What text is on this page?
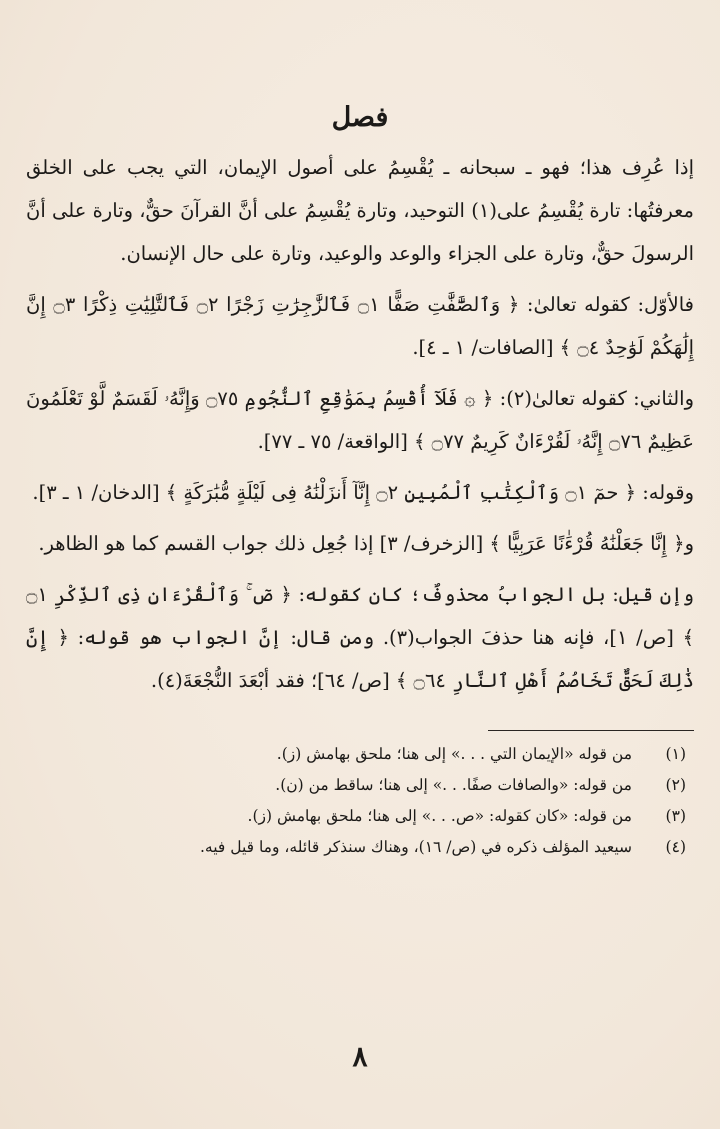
فصل

إذا عُرِف هذا؛ فهو ـ سبحانه ـ يُقْسِمُ على أصول الإيمان، التي يجب على الخلق معرفتُها: تارة يُقْسِمُ على(١) التوحيد، وتارة يُقْسِمُ على أنَّ القرآنَ حقٌّ، وتارة على أنَّ الرسولَ حقٌّ، وتارة على الجزاء والوعد والوعيد، وتارة على حال الإنسان.

فالأوّل: كقوله تعالىٰ: ﴿ وَٱلصَّٰٓفَّٰتِ صَفًّا ۝١ فَٱلزَّٰجِرَٰتِ زَجْرًا ۝٢ فَٱلتَّٰلِيَٰتِ ذِكْرًا ۝٣ إِنَّ إِلَٰهَكُمْ لَوَٰحِدٌ ۝٤ ﴾ [الصافات/ ١ ـ ٤].

والثاني: كقوله تعالىٰ(٢): ﴿ ۞ فَلَآ أُقْسِمُ بِمَوَٰقِعِ ٱلنُّجُومِ ۝٧٥ وَإِنَّهُۥ لَقَسَمٌ لَّوْ تَعْلَمُونَ عَظِيمٌ ۝٧٦ إِنَّهُۥ لَقُرْءَانٌ كَرِيمٌ ۝٧٧ ﴾ [الواقعة/ ٧٥ ـ ٧٧].

وقوله: ﴿ حمٓ ۝١ وَٱلْكِتَٰبِ ٱلْمُبِينِ ۝٢ إِنَّآ أَنزَلْنَٰهُ فِى لَيْلَةٍ مُّبَٰرَكَةٍ ﴾ [الدخان/ ١ ـ ٣].

و﴿ إِنَّا جَعَلْنَٰهُ قُرْءَٰنًا عَرَبِيًّا ﴾ [الزخرف/ ٣] إذا جُعِل ذلك جواب القسم كما هو الظاهر.

وإن قيل: بل الجوابُ محذوفٌ؛ كان كقوله: ﴿ صٓ ۚ وَٱلْقُرْءَانِ ذِى ٱلذِّكْرِ ۝١ ﴾ [ص/ ١]، فإنه هنا حذفَ الجواب(٣). ومن قال: إنَّ الجواب هو قوله: ﴿ إِنَّ ذَٰلِكَ لَحَقٌّ تَخَاصُمُ أَهْلِ ٱلنَّارِ ۝٦٤ ﴾ [ص/ ٦٤]؛ فقد أبْعَدَ النُّجْعَةَ(٤).

(١)
من قوله «الإيمان التي . . .» إلى هنا؛ ملحق بهامش (ز).
(٢)
من قوله: «والصافات صفًا. . .» إلى هنا؛ ساقط من (ن).
(٣)
من قوله: «كان كقوله: «ص. . .» إلى هنا؛ ملحق بهامش (ز).
(٤)
سيعيد المؤلف ذكره في (ص/ ١٦)، وهناك سنذكر قائله، وما قيل فيه.
٨
